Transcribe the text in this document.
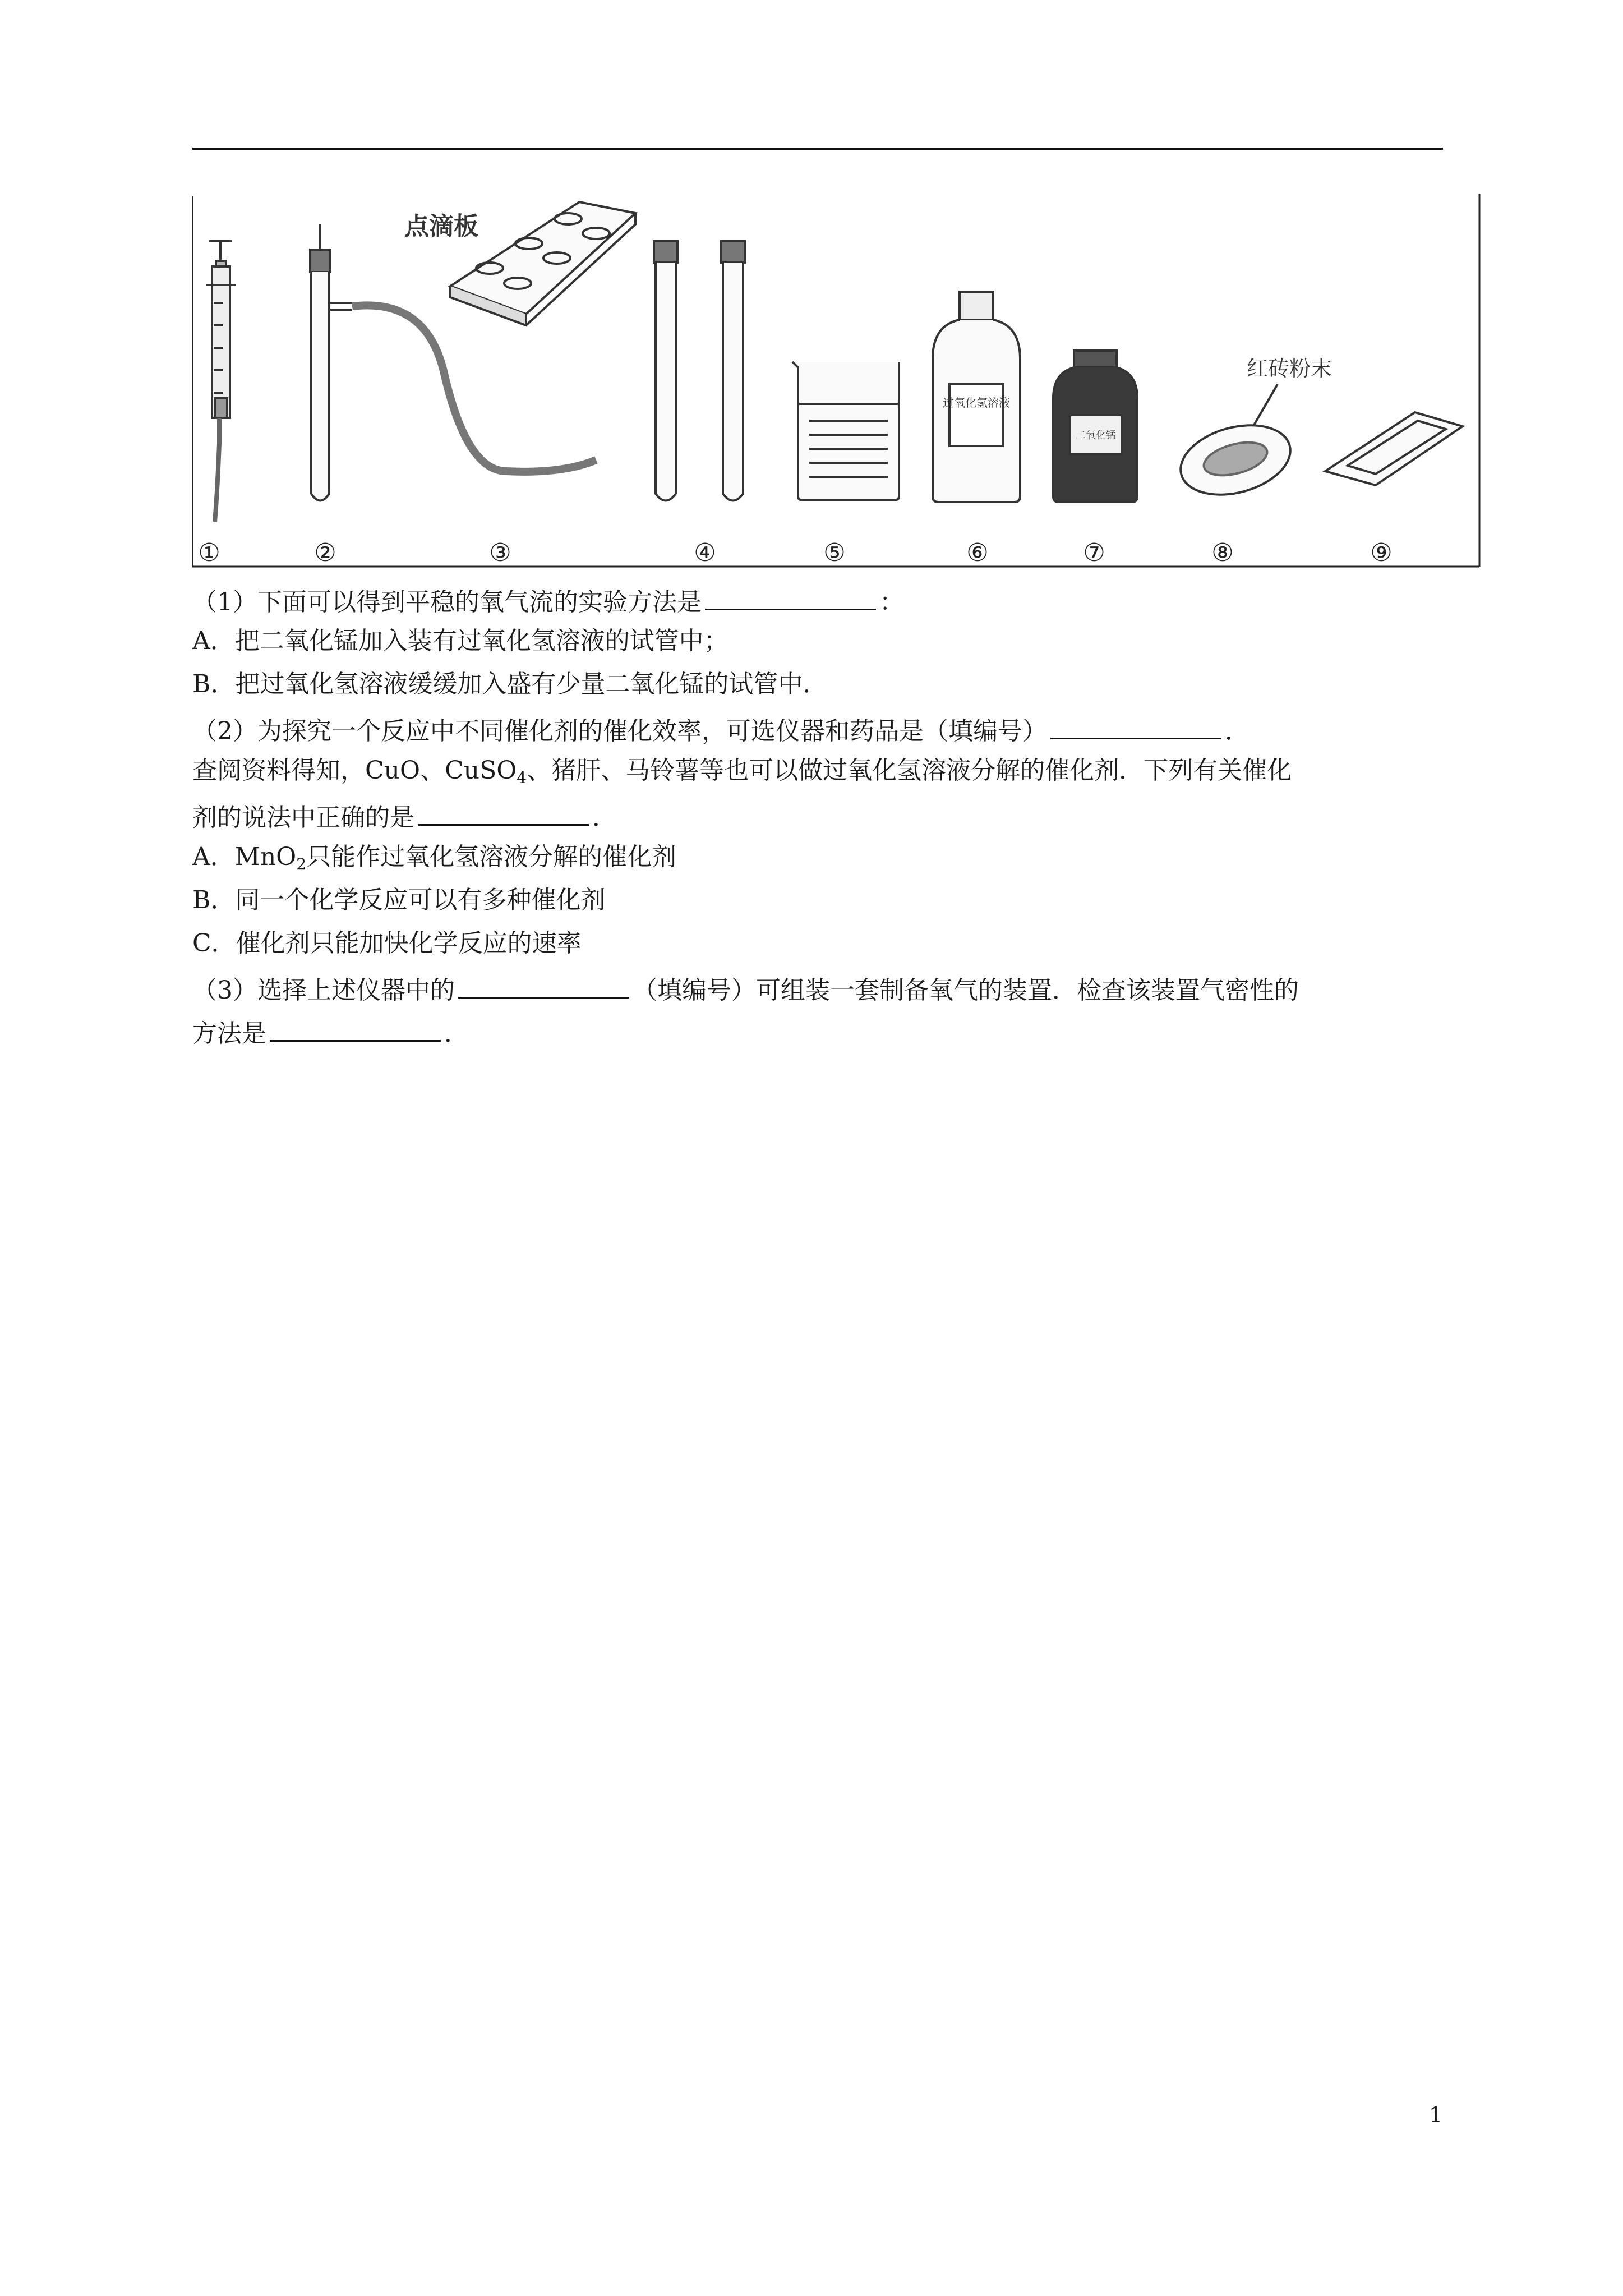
点滴板
过氧化氢溶液
二氧化锰
红砖粉末
①	②	③	④	⑤	⑥	⑦	⑧	⑨
（1）下面可以得到平稳的氧气流的实验方法是	：
A．把二氧化锰加入装有过氧化氢溶液的试管中；
B．把过氧化氢溶液缓缓加入盛有少量二氧化锰的试管中．
（2）为探究一个反应中不同催化剂的催化效率，可选仪器和药品是（填编号）	．
查阅资料得知，CuO、CuSO$_4$、猪肝、马铃薯等也可以做过氧化氢溶液分解的催化剂．下列有关催化
剂的说法中正确的是	．
A．MnO$_2$只能作过氧化氢溶液分解的催化剂
B．同一个化学反应可以有多种催化剂
C．催化剂只能加快化学反应的速率
（3）选择上述仪器中的	（填编号）可组装一套制备氧气的装置．检查该装置气密性的
方法是	．
1
